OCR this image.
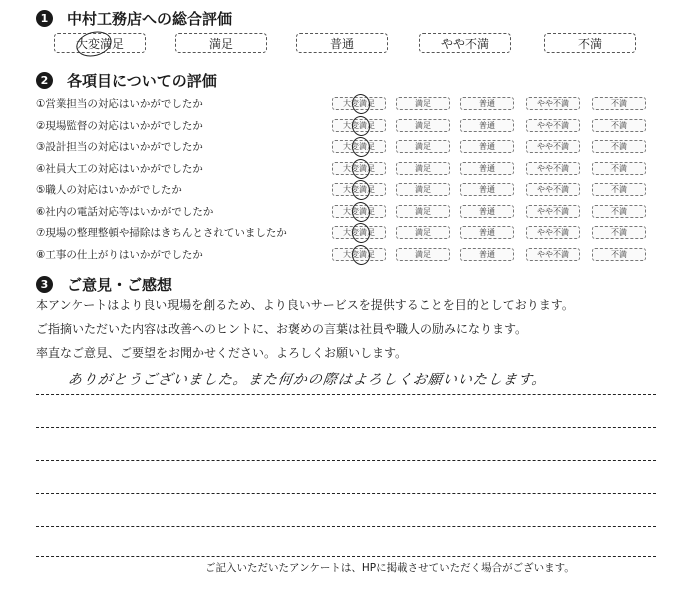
1	中村工務店への総合評価
大変満足	満足	普通	やや不満	不満
2	各項目についての評価
①営業担当の対応はいかがでしたか	大変満足	満足	普通	やや不満	不満
②現場監督の対応はいかがでしたか	大変満足	満足	普通	やや不満	不満
③設計担当の対応はいかがでしたか	大変満足	満足	普通	やや不満	不満
④社員大工の対応はいかがでしたか	大変満足	満足	普通	やや不満	不満
⑤職人の対応はいかがでしたか	大変満足	満足	普通	やや不満	不満
⑥社内の電話対応等はいかがでしたか	大変満足	満足	普通	やや不満	不満
⑦現場の整理整頓や掃除はきちんとされていましたか	大変満足	満足	普通	やや不満	不満
⑧工事の仕上がりはいかがでしたか	大変満足	満足	普通	やや不満	不満
3	ご意見・ご感想
本アンケートはより良い現場を創るため、より良いサービスを提供することを目的としております。
ご指摘いただいた内容は改善へのヒントに、お褒めの言葉は社員や職人の励みになります。
率直なご意見、ご要望をお聞かせください。よろしくお願いします。
ありがとうございました。また何かの際はよろしくお願いいたします。
ご記入いただいたアンケートは、HPに掲載させていただく場合がございます。
